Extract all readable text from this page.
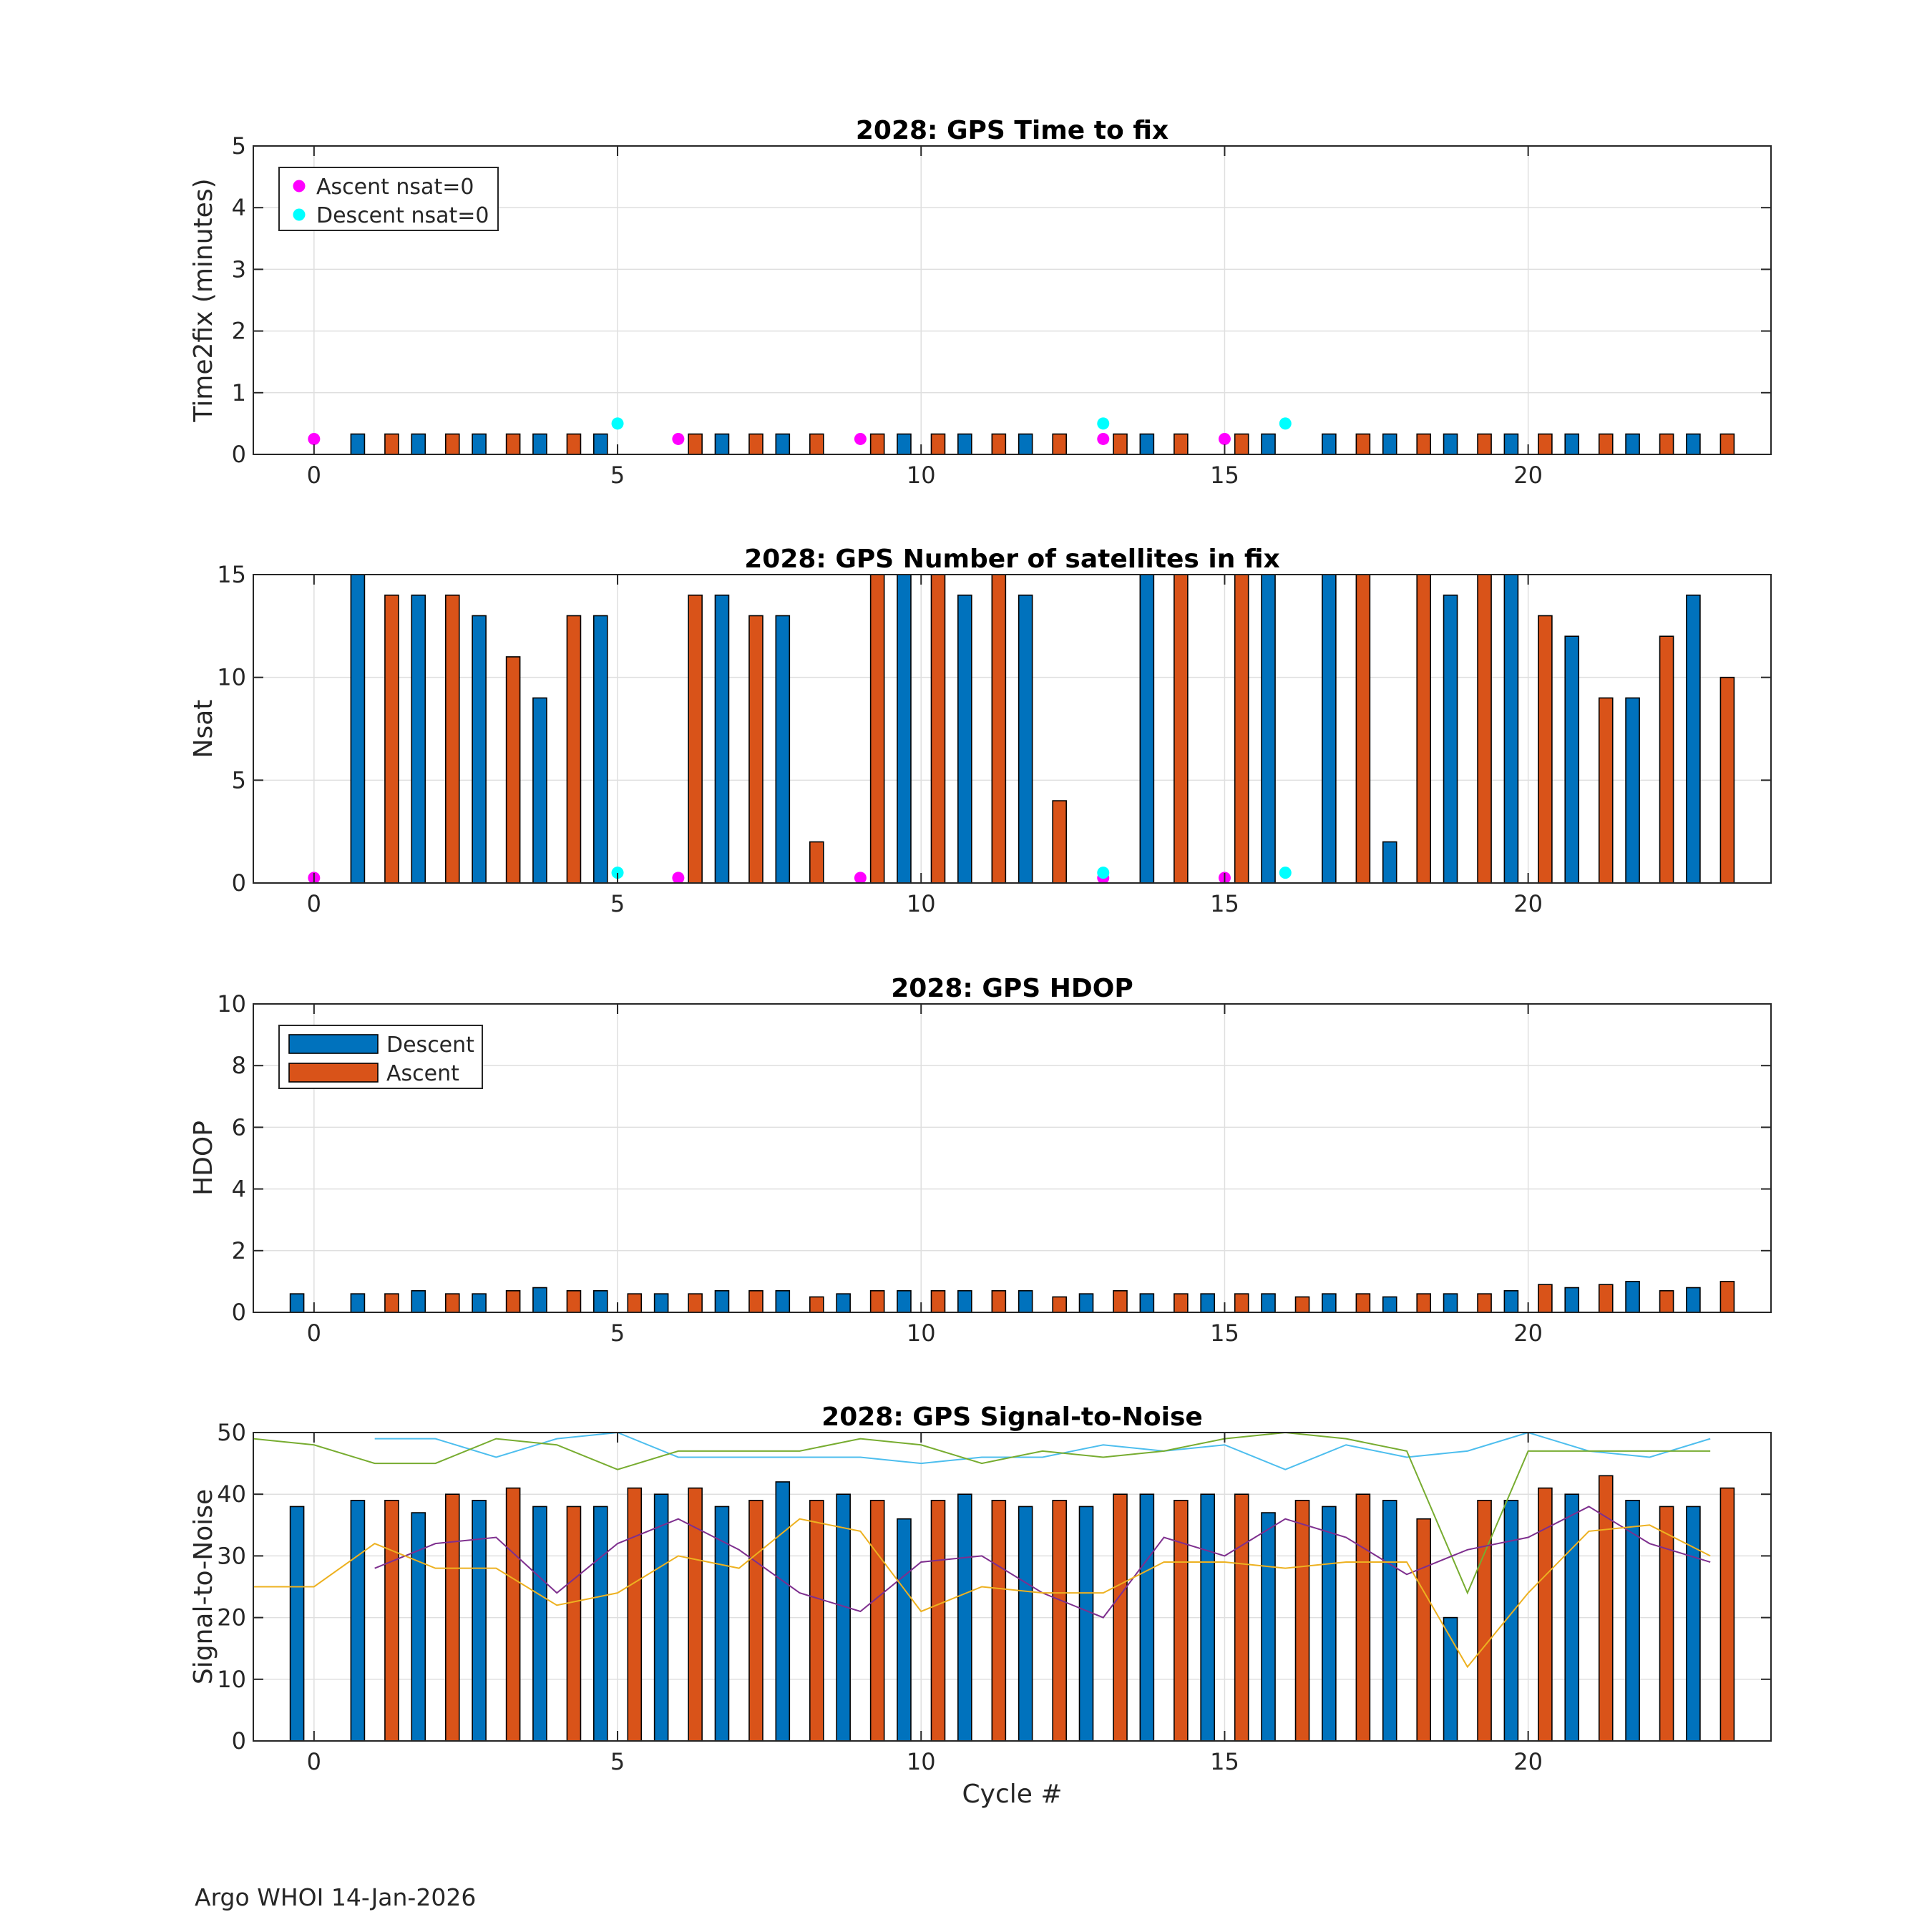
0	5	10	15	20
0
1
2
3
4
5
2028: GPS Time to fix
Time2fix (minutes)	Ascent nsat=0
Descent nsat=0
0	5	10	15	20
0
5
10
15
2028: GPS Number of satellites in fix
Nsat
0	5	10	15	20
0
2
4
6
8
10
2028: GPS HDOP
HDOP
Descent
Ascent
0	5	10	15	20
0
10
20
30
40
50
2028: GPS Signal-to-Noise
Signal-to-Noise
Cycle #
Argo WHOI 14-Jan-2026
